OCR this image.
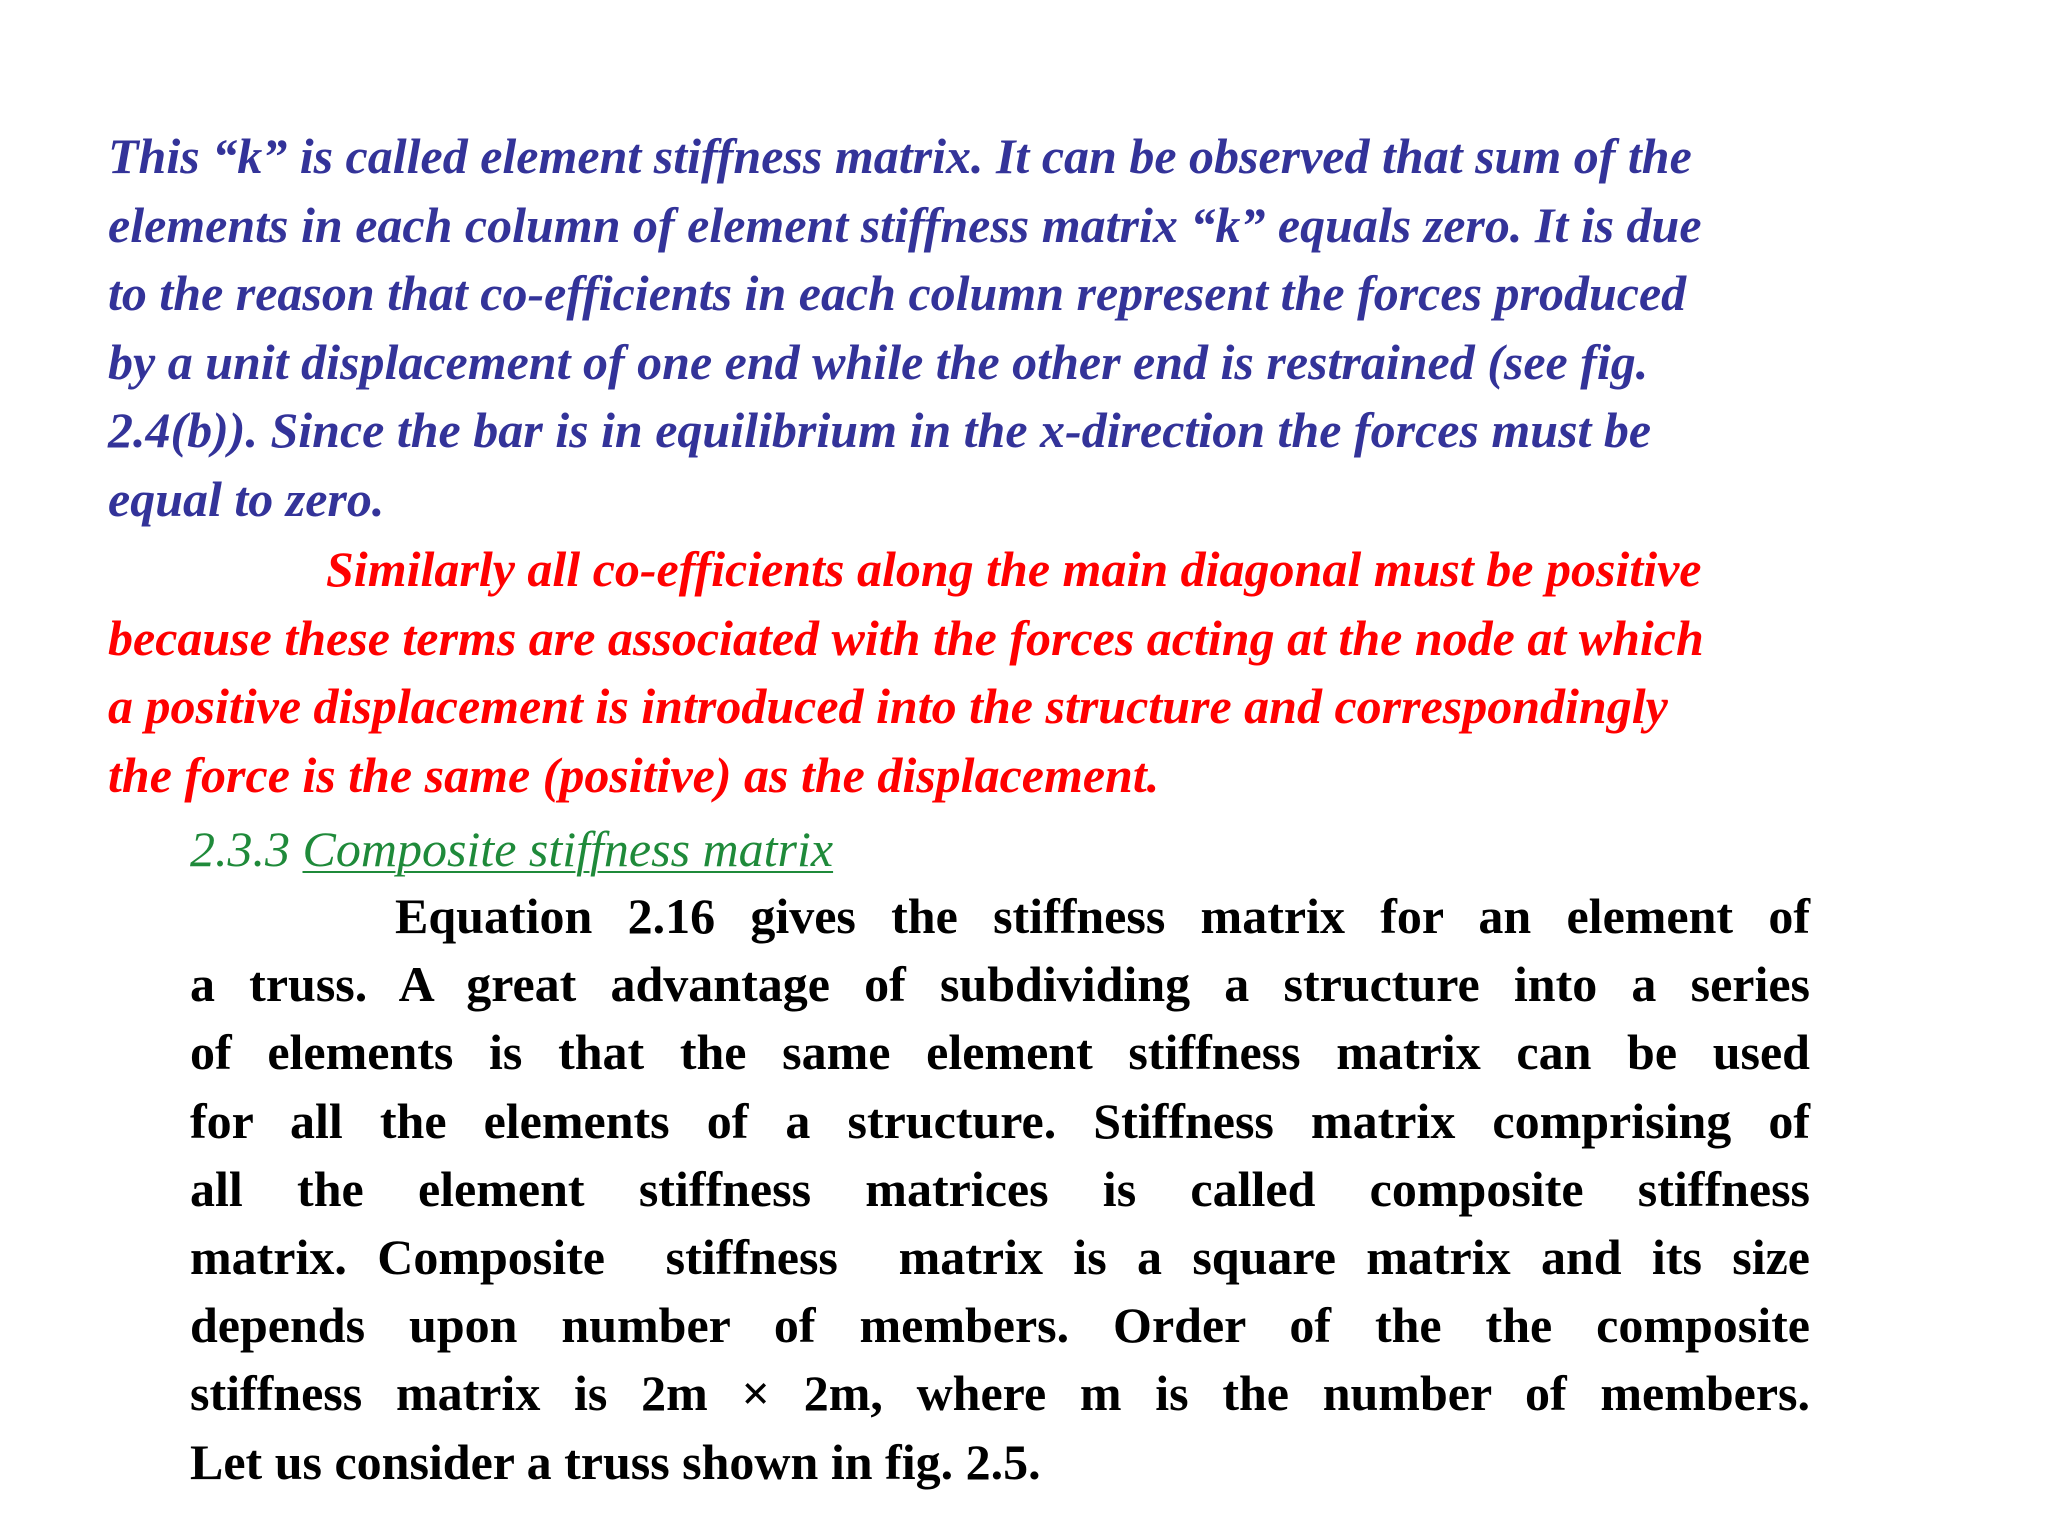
This “k” is called element stiffness matrix. It can be observed that sum of the
elements in each column of element stiffness matrix “k” equals zero. It is due
to the reason that co-efficients in each column represent the forces produced
by a unit displacement of one end while the other end is restrained (see fig.
2.4(b)). Since the bar is in equilibrium in the x-direction the forces must be
equal to zero.

Similarly all co-efficients along the main diagonal must be positive
because these terms are associated with the forces acting at the node at which
a positive displacement is introduced into the structure and correspondingly
the force is the same (positive) as the displacement.

2.3.3 Composite stiffness matrix

Equation 2.16 gives the stiffness matrix for an element of
a truss. A great advantage of subdividing a structure into a series
of elements is that the same element stiffness matrix can be used
for all the elements of a structure. Stiffness matrix comprising of
all the element stiffness matrices is called composite stiffness
matrix. Composite  stiffness  matrix is a square matrix and its size
depends upon number of members. Order of the the composite
stiffness matrix is 2m × 2m, where m is the number of members.
Let us consider a truss shown in fig. 2.5.
